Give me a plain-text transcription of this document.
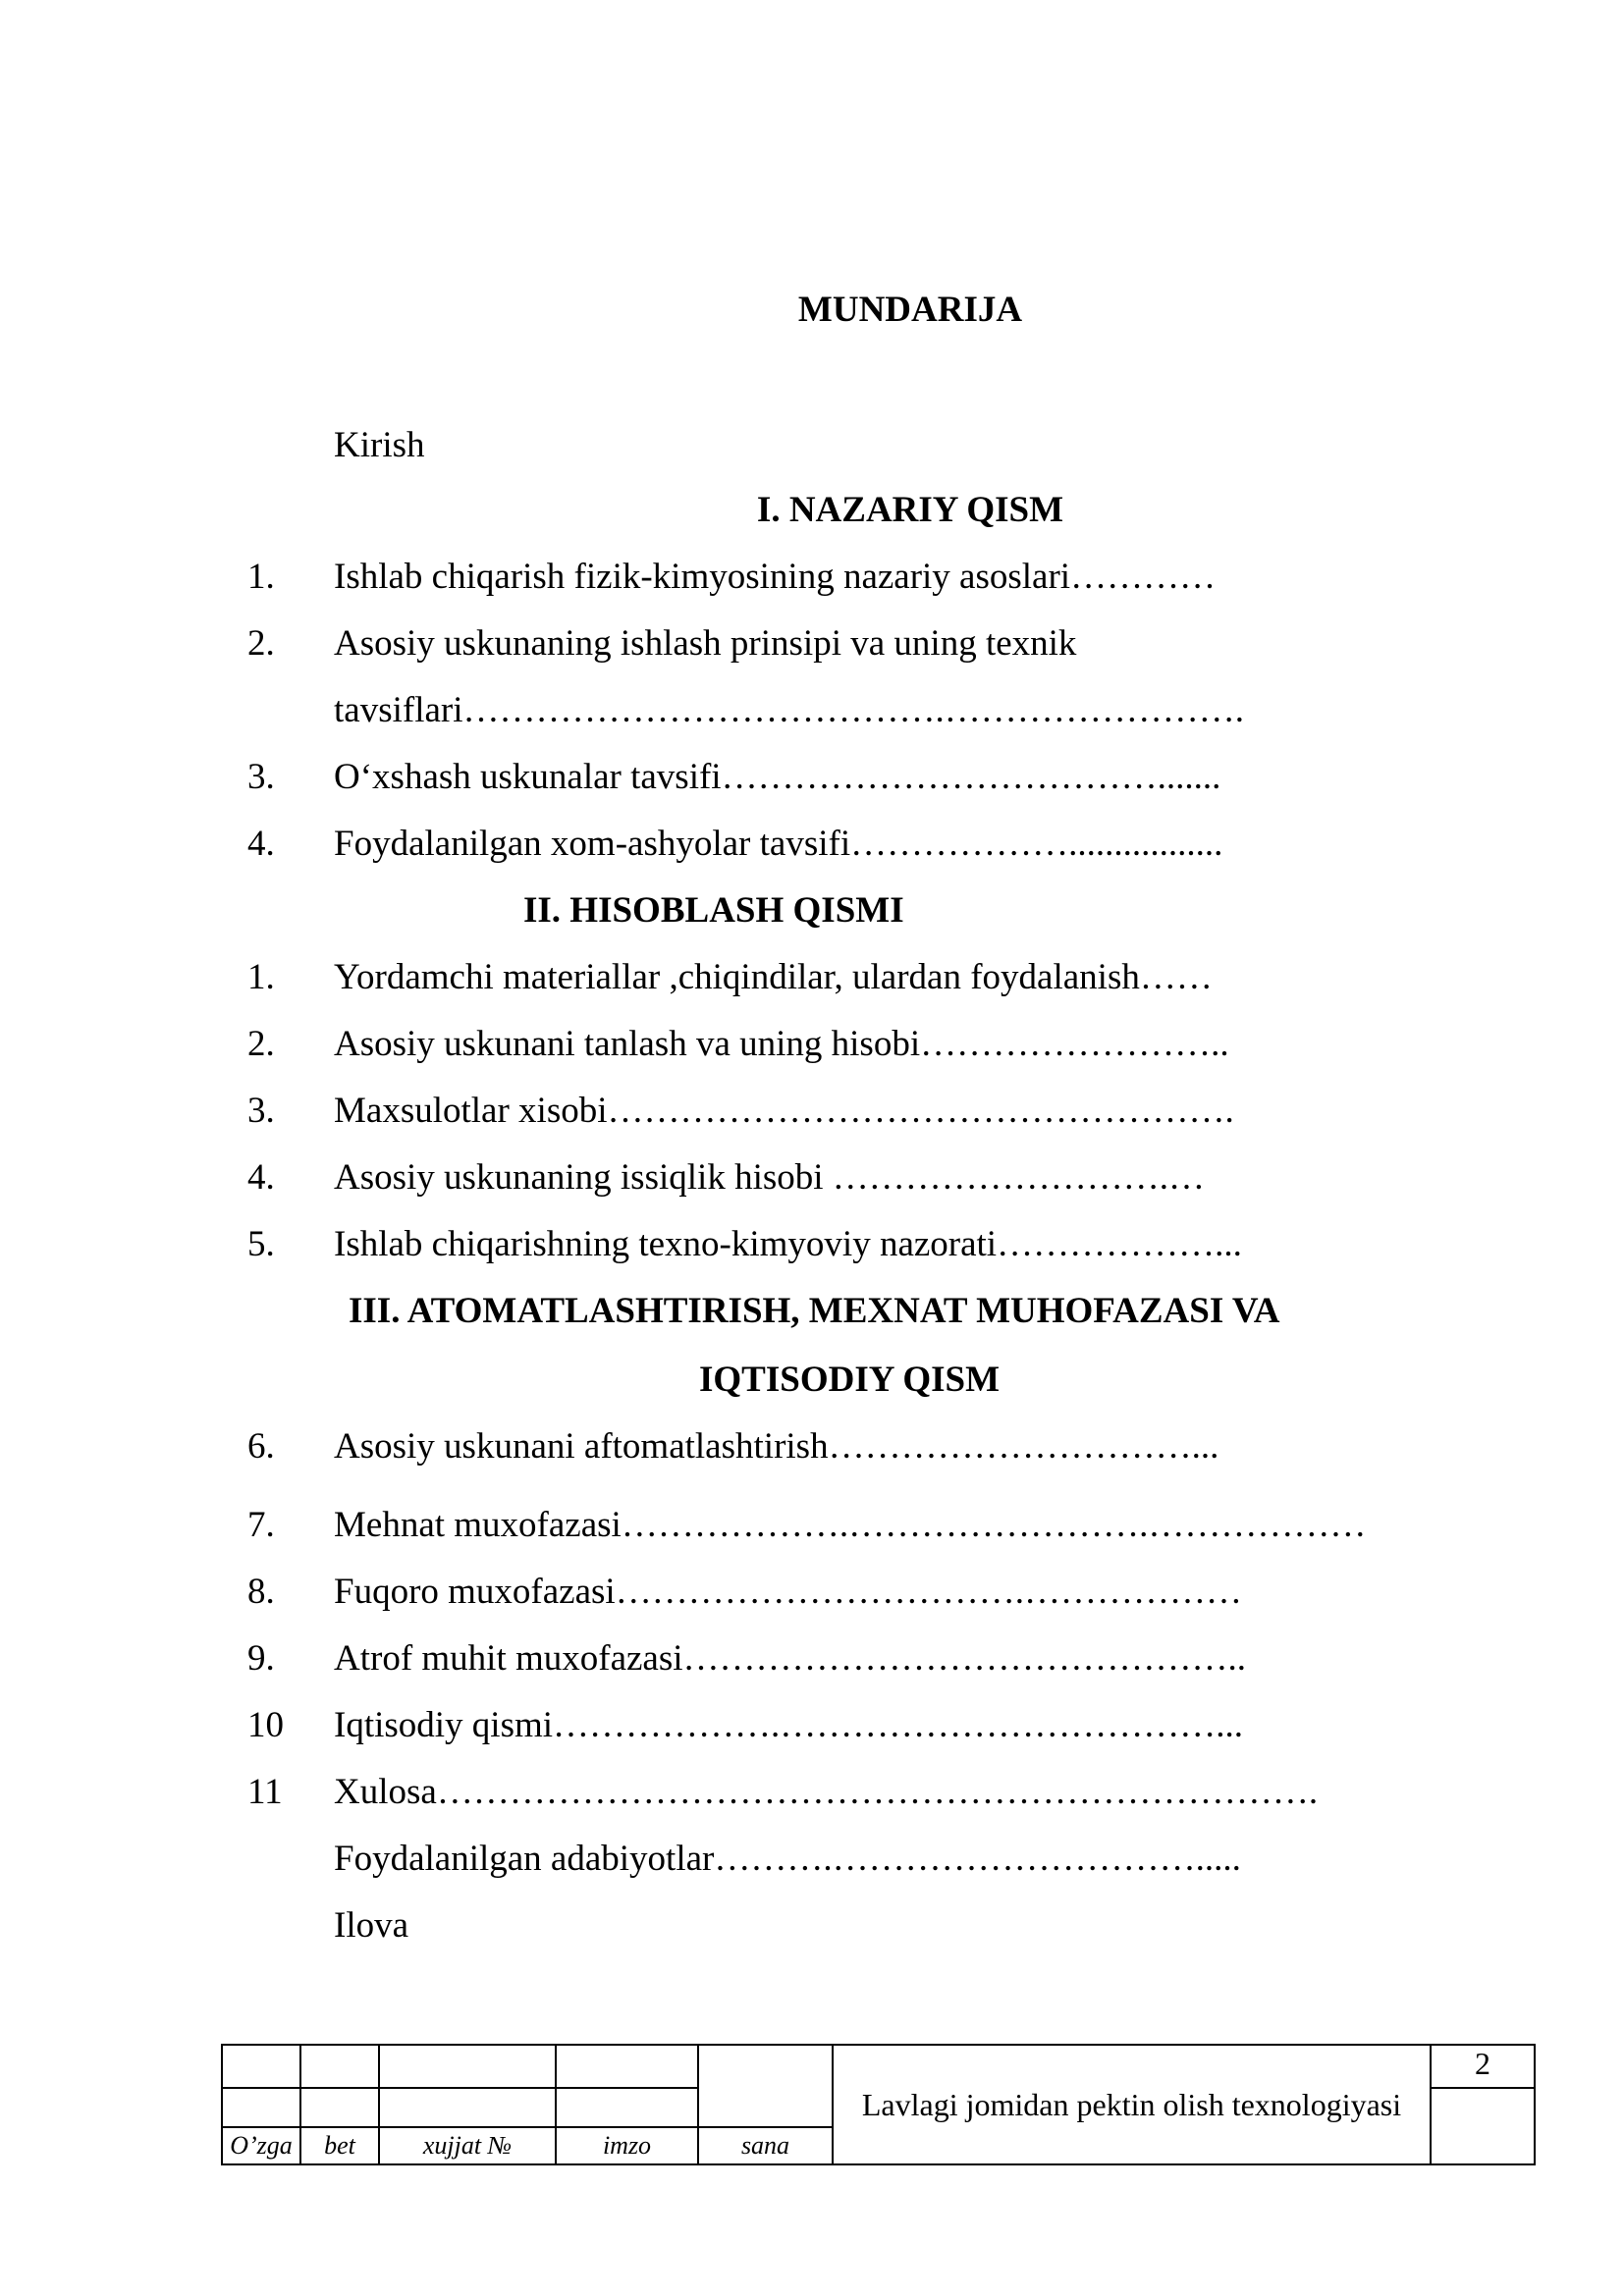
MUNDARIJA
Kirish
I. NAZARIY QISM
1. Ishlab chiqarish fizik-kimyosining nazariy asoslari…………
2. Asosiy uskunaning ishlash prinsipi va uning texnik
tavsiflari………………………………….…………………….
3. O‘xshash uskunalar tavsifi……………………………….......
4. Foydalanilgan xom-ashyolar tavsifi……………….................
II. HISOBLASH QISMI
1. Yordamchi materiallar ,chiqindilar, ulardan foydalanish……
2. Asosiy uskunani tanlash va uning hisobi……………………..
3. Maxsulotlar xisobi…………………………………………….
4. Asosiy uskunaning issiqlik hisobi ……………………….…
5. Ishlab chiqarishning texno-kimyoviy nazorati………………...
III. ATOMATLASHTIRISH, MEXNAT MUHOFAZASI VA
IQTISODIY QISM
6. Asosiy uskunani aftomatlashtirish…………………………...
7. Mehnat muxofazasi……………….…………………….………………
8. Fuqoro muxofazasi…………………………….………………
9. Atrof muhit muxofazasi………………………………………..
10 Iqtisodiy qismi……………….………………………………...
11 Xulosa……………………………………………………………….
Foydalanilgan adabiyotlar……….………………………….....
Ilova
					Lavlagi jomidan pektin olish texnologiyasi	2

O’zga	bet	xujjat №	imzo	sana		
